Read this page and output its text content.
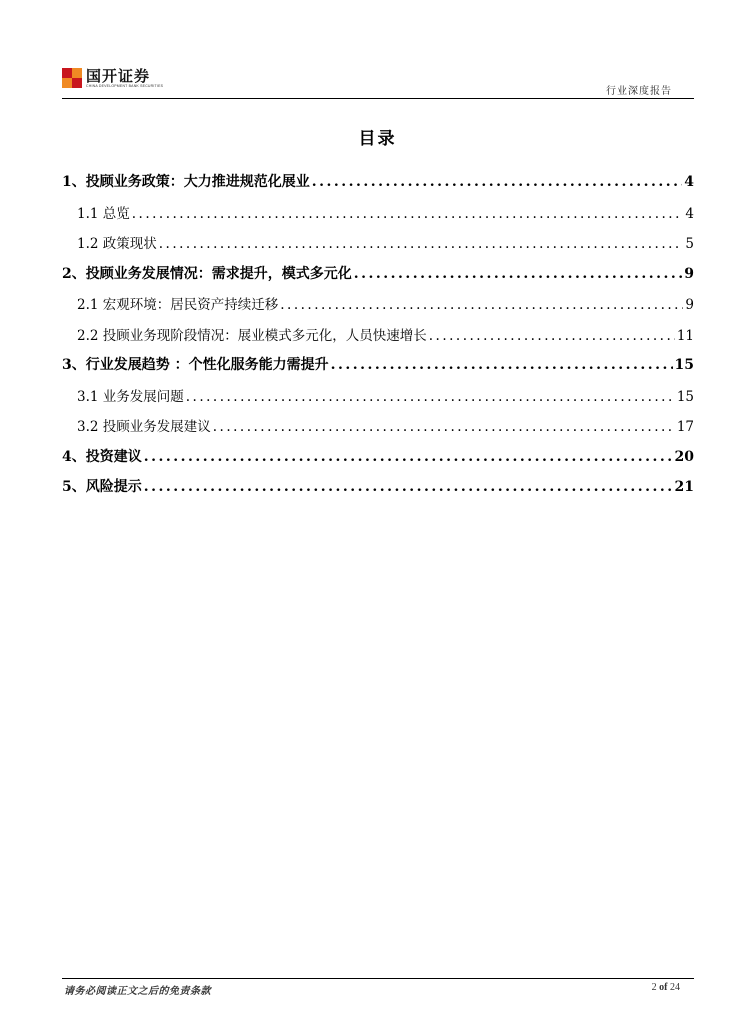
国开证券
CHINA DEVELOPMENT BANK SECURITIES	行业深度报告
目录
1、投顾业务政策：大力推进规范化展业 .....	4
1.1 总览 .....	4
1.2 政策现状 .....	5
2、投顾业务发展情况：需求提升，模式多元化 .....	9
2.1 宏观环境：居民资产持续迁移 .....	9
2.2 投顾业务现阶段情况：展业模式多元化，人员快速增长 .....	11
3、行业发展趋势 ：个性化服务能力需提升 .....	15
3.1 业务发展问题 .....	15
3.2 投顾业务发展建议 .....	17
4、投资建议 .....	20
5、风险提示 .....	21
请务必阅读正文之后的免责条款	2 of 24
